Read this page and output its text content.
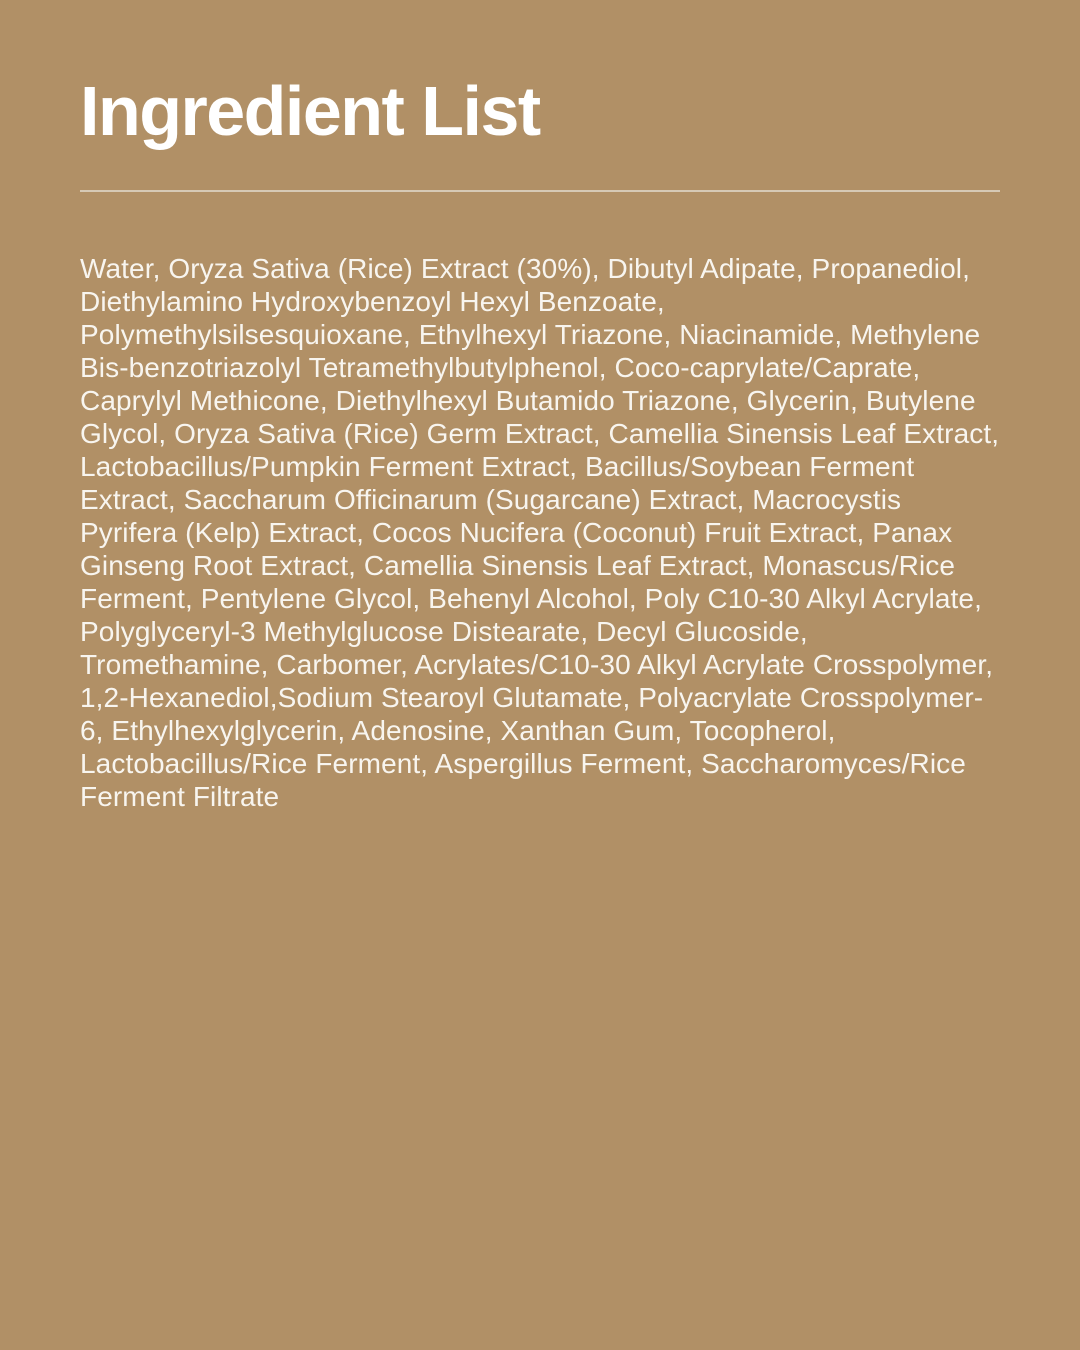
Ingredient List

Water, Oryza Sativa (Rice) Extract (30%), Dibutyl Adipate, Propanediol, Diethylamino Hydroxybenzoyl Hexyl Benzoate, Polymethylsilsesquioxane, Ethylhexyl Triazone, Niacinamide, Methylene Bis-benzotriazolyl Tetramethylbutylphenol, Coco-caprylate/Caprate, Caprylyl Methicone, Diethylhexyl Butamido Triazone, Glycerin, Butylene Glycol, Oryza Sativa (Rice) Germ Extract, Camellia Sinensis Leaf Extract, Lactobacillus/Pumpkin Ferment Extract, Bacillus/Soybean Ferment Extract, Saccharum Officinarum (Sugarcane) Extract, Macrocystis Pyrifera (Kelp) Extract, Cocos Nucifera (Coconut) Fruit Extract, Panax Ginseng Root Extract, Camellia Sinensis Leaf Extract, Monascus/Rice Ferment, Pentylene Glycol, Behenyl Alcohol, Poly C10-30 Alkyl Acrylate, Polyglyceryl-3 Methylglucose Distearate, Decyl Glucoside, Tromethamine, Carbomer, Acrylates/C10-30 Alkyl Acrylate Crosspolymer, 1,2-Hexanediol,Sodium Stearoyl Glutamate, Polyacrylate Crosspolymer-6, Ethylhexylglycerin, Adenosine, Xanthan Gum, Tocopherol, Lactobacillus/Rice Ferment, Aspergillus Ferment, Saccharomyces/Rice Ferment Filtrate
